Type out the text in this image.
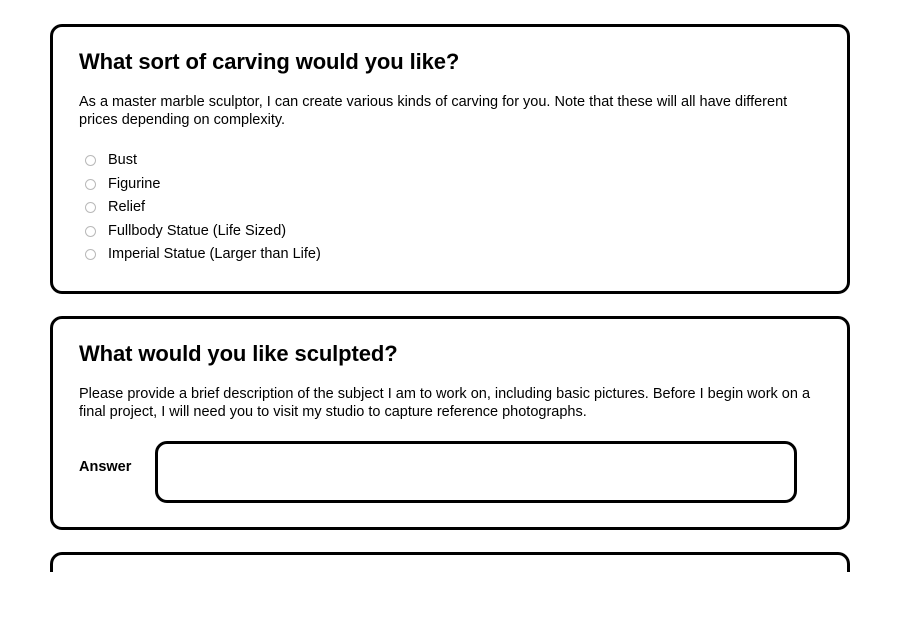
What sort of carving would you like?

As a master marble sculptor, I can create various kinds of carving for you. Note that these will all have different prices depending on complexity.

Bust
Figurine
Relief
Fullbody Statue (Life Sized)
Imperial Statue (Larger than Life)
What would you like sculpted?

Please provide a brief description of the subject I am to work on, including basic pictures. Before I begin work on a final project, I will need you to visit my studio to capture reference photographs.

Answer
